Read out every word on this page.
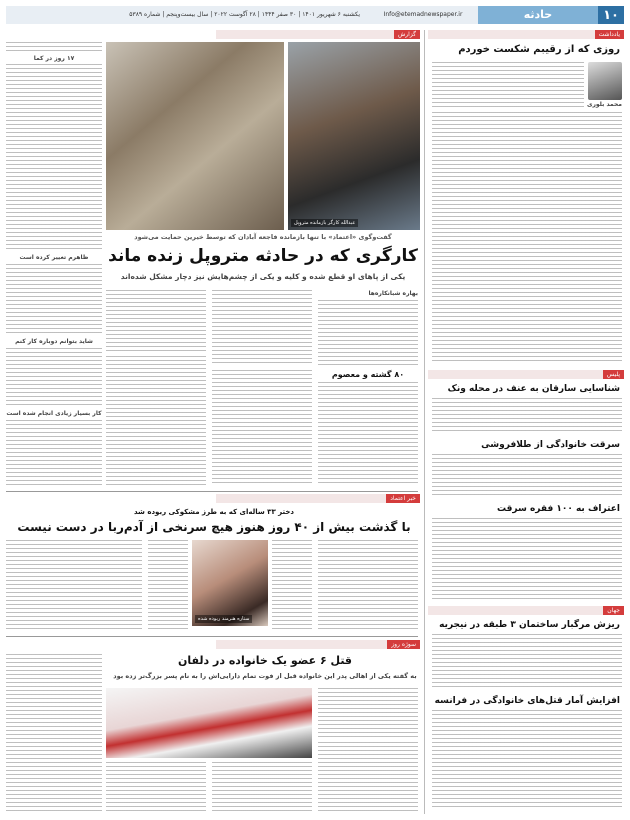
۱۰
حادثه
Info@etemadnewspaper.ir
یکشنبه ۶ شهریور ۱۴۰۱ | ۳۰ صفر ۱۴۴۴ | ۲۸ آگوست ۲۰۲۲ | سال بیست‌وپنجم | شماره ۵۳۸۹
یادداشت
روزی که از رقیبم شکست خوردم
محمد بلوری
پلیس
شناسایی سارقان به عنف در محله ونک
سرقت خانوادگی از طلافروشی
اعتراف به ۱۰۰ فقره سرقت
جهان
ریزش مرگبار ساختمان ۳ طبقه در نیجریه
افزایش آمار قتل‌های خانوادگی در فرانسه
گزارش
عبدالله کارگر بازمانده متروپل
گفت‌وگوی «اعتماد» با تنها بازمانده فاجعه آبادان که توسط خیرین حمایت می‌شود
کارگری که در حادثه متروپل زنده ماند
یکی از پاهای او قطع شده و کلیه و یکی از چشم‌هایش نیز دچار مشکل شده‌اند
بهاره شبانکاره‌ها
۸۰ گشته و معصوم
۱۷ روز در کما
ظاهرم تغییر کرده است
شاید بتوانم دوباره کار کنم
کار بسیار زیادی انجام شده است
خبر اعتماد
دختر ۳۳ ساله‌ای که به طرز مشکوکی ربوده شد
با گذشت بیش از ۴۰ روز هنوز هیچ سرنخی از آدم‌ربا در دست نیست
ستاره هنرمند ربوده شده
سوژه روز
قتل ۶ عضو یک خانواده در دلفان
به گفته یکی از اهالی پدر این خانواده قبل از فوت تمام دارایی‌اش را به نام پسر بزرگ‌تر زده بود
